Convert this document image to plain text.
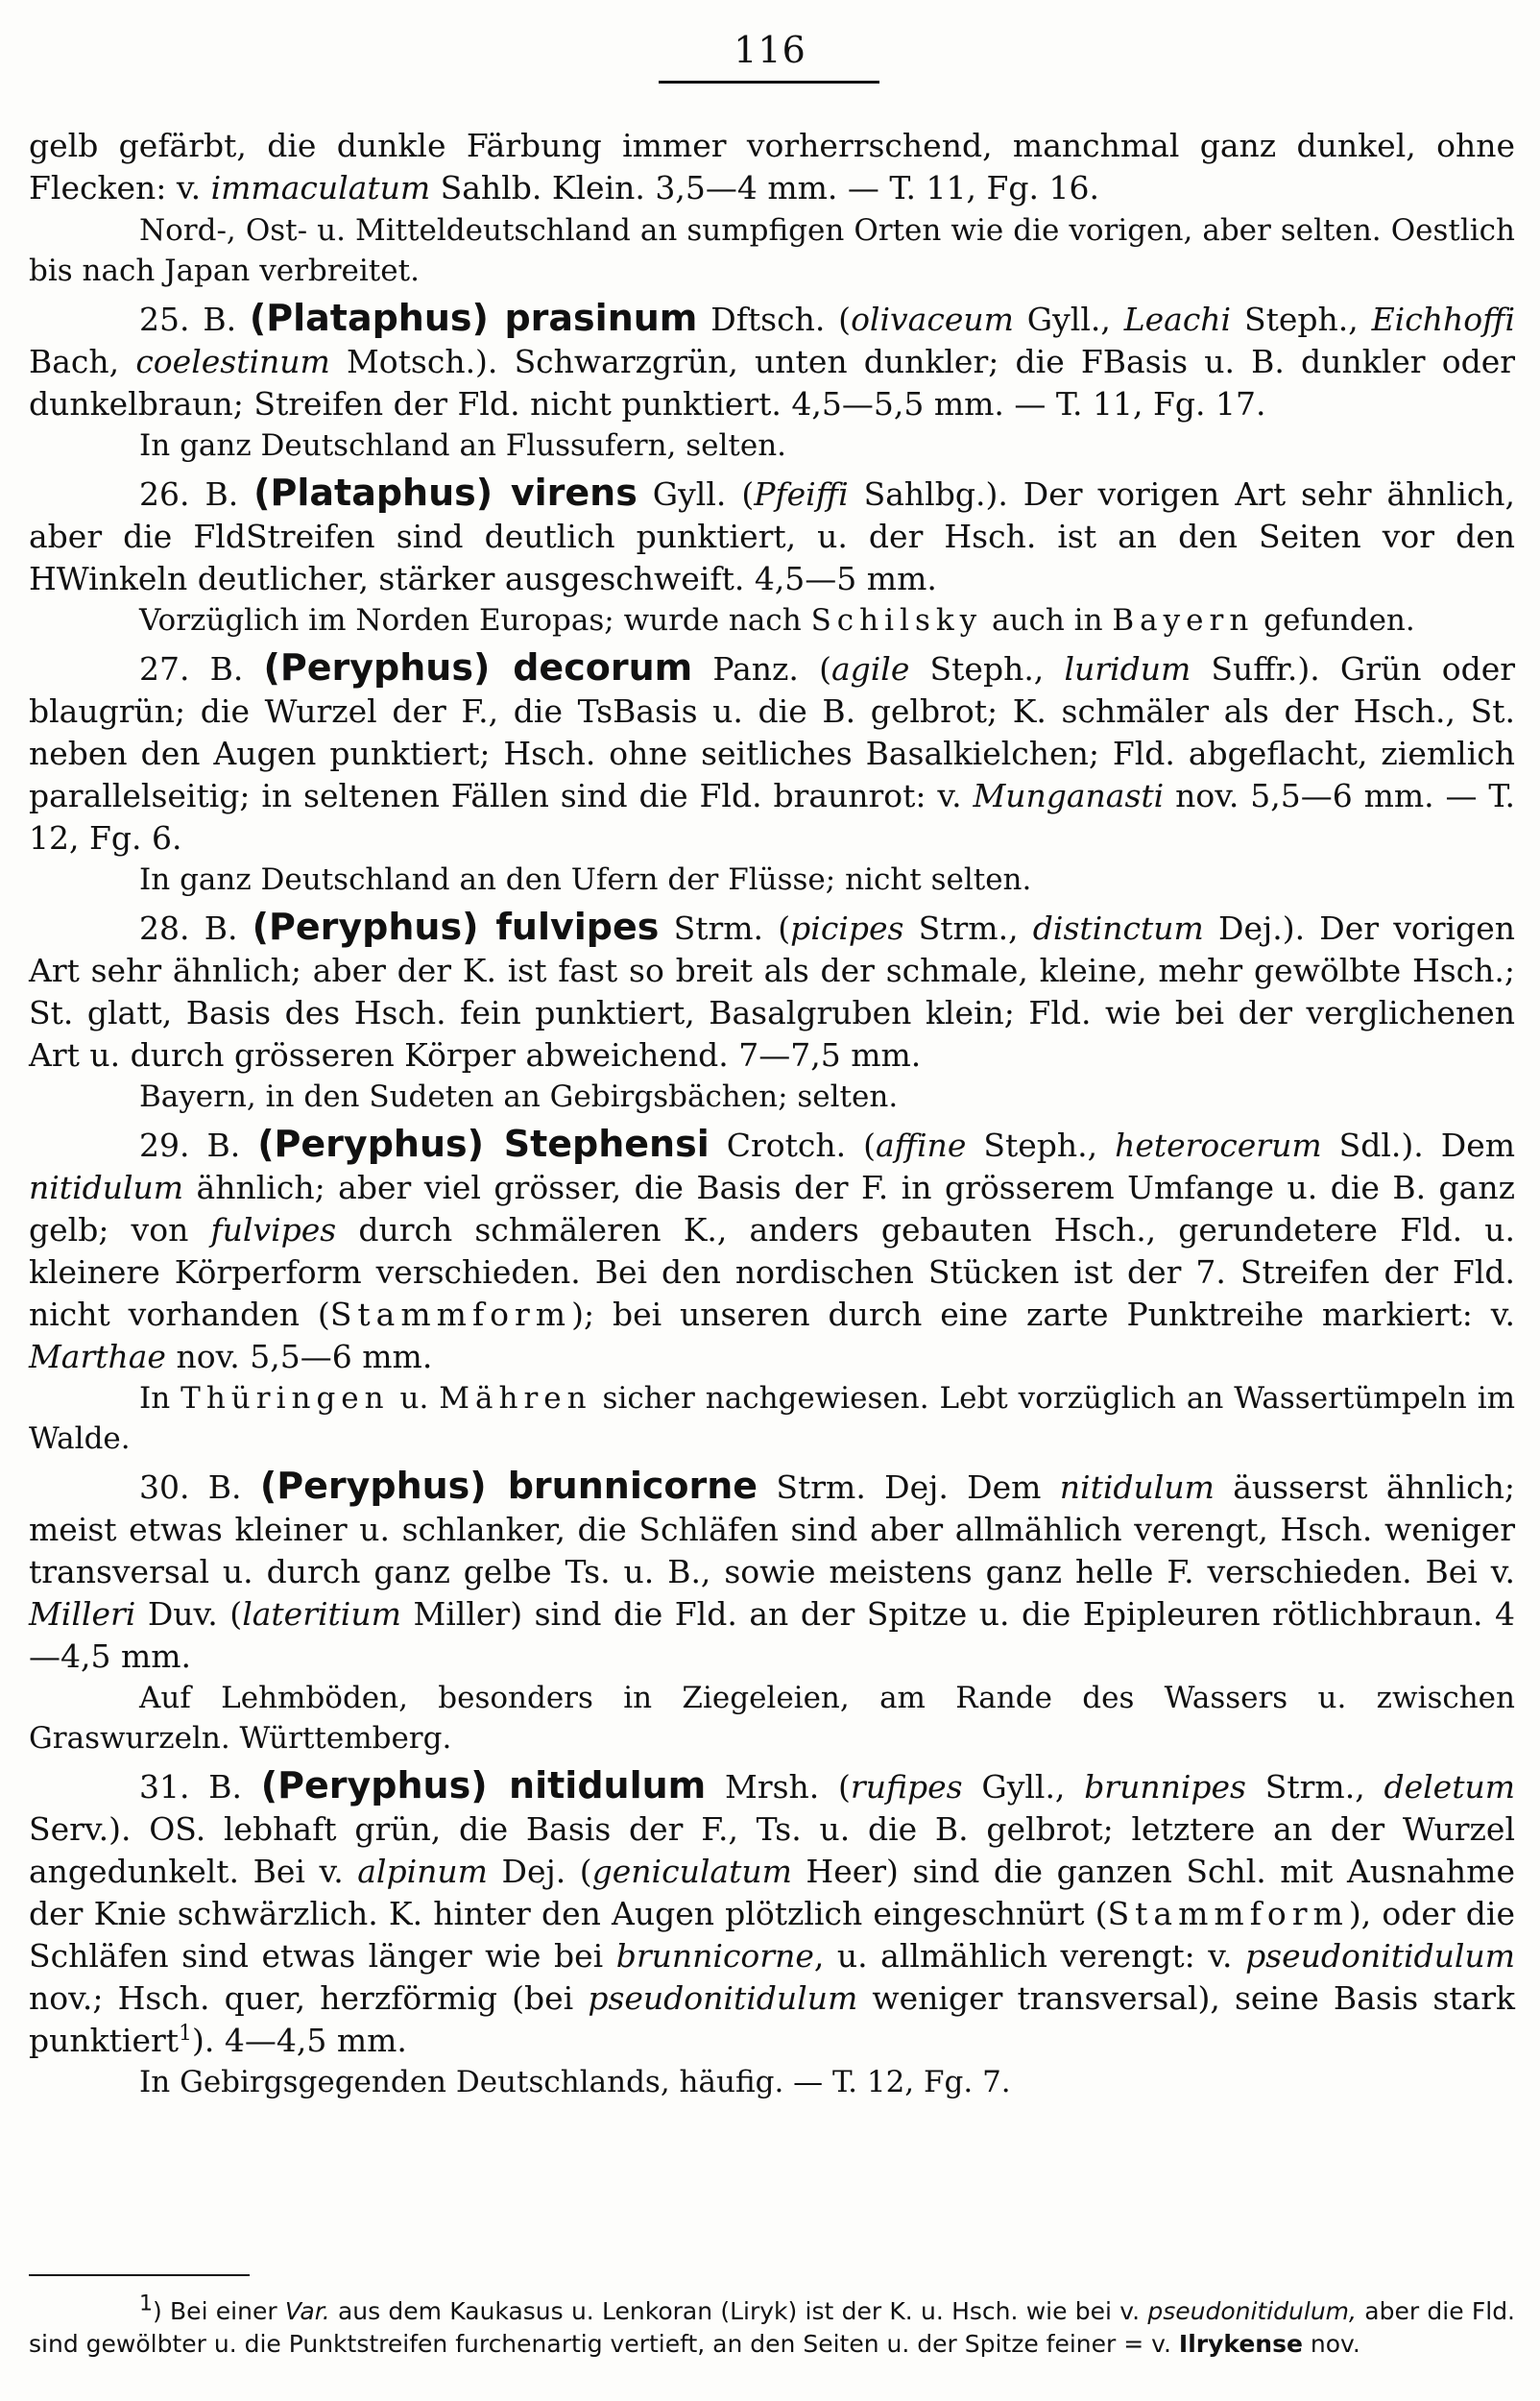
116

gelb gefärbt, die dunkle Färbung immer vorherrschend, manchmal ganz dunkel, ohne Flecken: v. immaculatum Sahlb. Klein. 3,5—4 mm. — T. 11, Fg. 16.

Nord-, Ost- u. Mitteldeutschland an sumpfigen Orten wie die vorigen, aber selten. Oestlich bis nach Japan verbreitet.

25. B. (Plataphus) prasinum Dftsch. (olivaceum Gyll., Leachi Steph., Eichhoffi Bach, coelestinum Motsch.). Schwarzgrün, unten dunkler; die FBasis u. B. dunkler oder dunkelbraun; Streifen der Fld. nicht punktiert. 4,5—5,5 mm. — T. 11, Fg. 17.

In ganz Deutschland an Flussufern, selten.

26. B. (Plataphus) virens Gyll. (Pfeiffi Sahlbg.). Der vorigen Art sehr ähnlich, aber die FldStreifen sind deutlich punktiert, u. der Hsch. ist an den Seiten vor den HWinkeln deutlicher, stärker ausgeschweift. 4,5—5 mm.

Vorzüglich im Norden Europas; wurde nach Schilsky auch in Bayern gefunden.

27. B. (Peryphus) decorum Panz. (agile Steph., luridum Suffr.). Grün oder blaugrün; die Wurzel der F., die TsBasis u. die B. gelbrot; K. schmäler als der Hsch., St. neben den Augen punktiert; Hsch. ohne seitliches Basalkielchen; Fld. abgeflacht, ziemlich parallelseitig; in seltenen Fällen sind die Fld. braunrot: v. Munganasti nov. 5,5—6 mm. — T. 12, Fg. 6.

In ganz Deutschland an den Ufern der Flüsse; nicht selten.

28. B. (Peryphus) fulvipes Strm. (picipes Strm., distinctum Dej.). Der vorigen Art sehr ähnlich; aber der K. ist fast so breit als der schmale, kleine, mehr gewölbte Hsch.; St. glatt, Basis des Hsch. fein punktiert, Basalgruben klein; Fld. wie bei der verglichenen Art u. durch grösseren Körper abweichend. 7—7,5 mm.

Bayern, in den Sudeten an Gebirgsbächen; selten.

29. B. (Peryphus) Stephensi Crotch. (affine Steph., heterocerum Sdl.). Dem nitidulum ähnlich; aber viel grösser, die Basis der F. in grösserem Umfange u. die B. ganz gelb; von fulvipes durch schmäleren K., anders gebauten Hsch., gerundetere Fld. u. kleinere Körperform verschieden. Bei den nordischen Stücken ist der 7. Streifen der Fld. nicht vorhanden (Stammform); bei unseren durch eine zarte Punktreihe markiert: v. Marthae nov. 5,5—6 mm.

In Thüringen u. Mähren sicher nachgewiesen. Lebt vorzüglich an Wassertümpeln im Walde.

30. B. (Peryphus) brunnicorne Strm. Dej. Dem nitidulum äusserst ähnlich; meist etwas kleiner u. schlanker, die Schläfen sind aber allmählich verengt, Hsch. weniger transversal u. durch ganz gelbe Ts. u. B., sowie meistens ganz helle F. verschieden. Bei v. Milleri Duv. (lateritium Miller) sind die Fld. an der Spitze u. die Epipleuren rötlichbraun. 4—4,5 mm.

Auf Lehmböden, besonders in Ziegeleien, am Rande des Wassers u. zwischen Graswurzeln. Württemberg.

31. B. (Peryphus) nitidulum Mrsh. (rufipes Gyll., brunnipes Strm., deletum Serv.). OS. lebhaft grün, die Basis der F., Ts. u. die B. gelbrot; letztere an der Wurzel angedunkelt. Bei v. alpinum Dej. (geniculatum Heer) sind die ganzen Schl. mit Ausnahme der Knie schwärzlich. K. hinter den Augen plötzlich eingeschnürt (Stammform), oder die Schläfen sind etwas länger wie bei brunnicorne, u. allmählich verengt: v. pseudonitidulum nov.; Hsch. quer, herzförmig (bei pseudonitidulum weniger transversal), seine Basis stark punktiert$^1$). 4—4,5 mm.

In Gebirgsgegenden Deutschlands, häufig. — T. 12, Fg. 7.

$^1$) Bei einer Var. aus dem Kaukasus u. Lenkoran (Liryk) ist der K. u. Hsch. wie bei v. pseudonitidulum, aber die Fld. sind gewölbter u. die Punktstreifen furchenartig vertieft, an den Seiten u. der Spitze feiner = v. Ilrykense nov.
